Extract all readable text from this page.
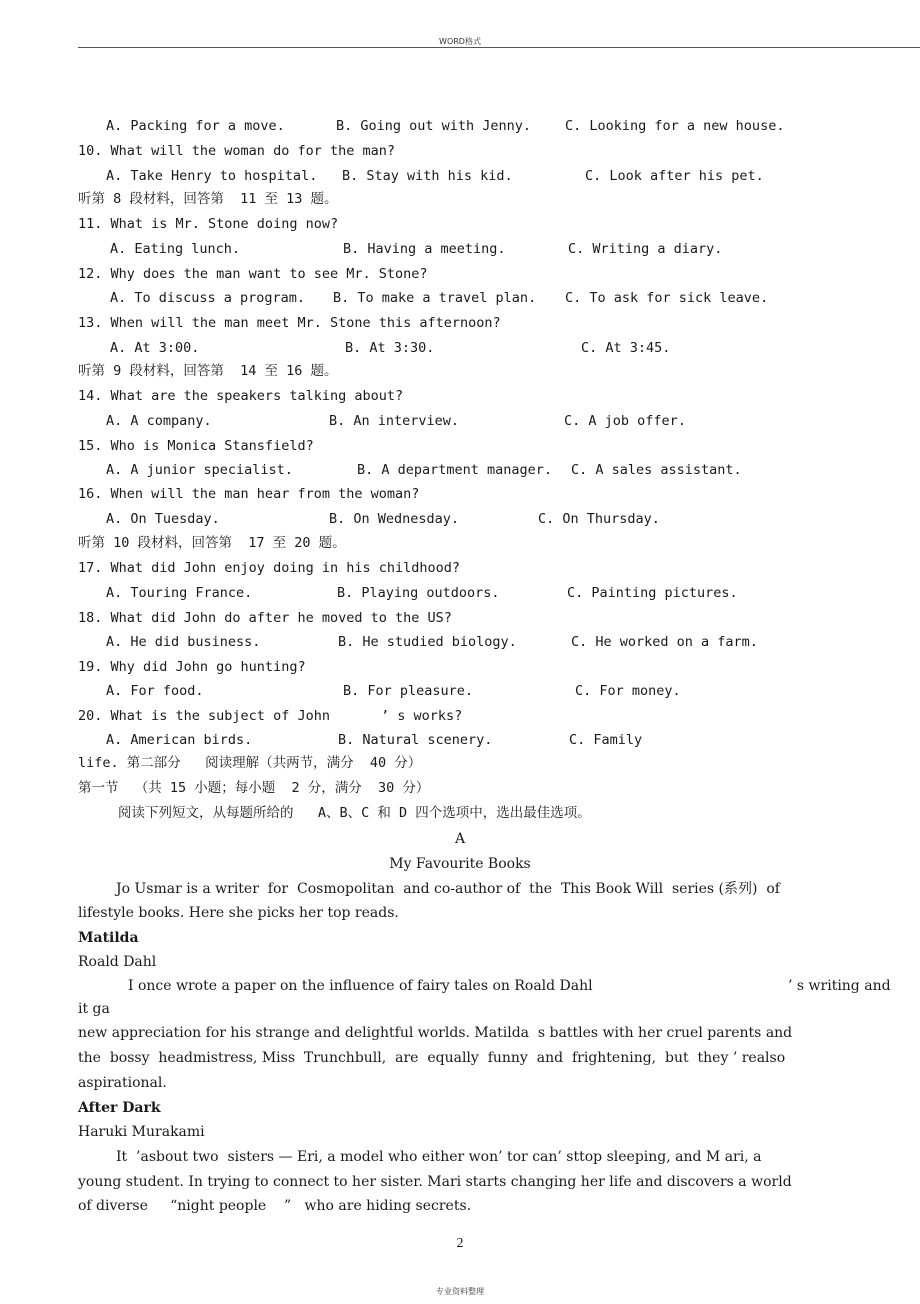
WORD格式
A. Packing for a move.	B. Going out with Jenny.	C. Looking for a new house.
10. What will the woman do for the man?
A. Take Henry to hospital. B. Stay with his kid.	C. Look after his pet.
听第 8 段材料，回答第  11 至 13 题。
11. What is Mr. Stone doing now?
A. Eating lunch.	B. Having a meeting.	C. Writing a diary.
12. Why does the man want to see Mr. Stone?
A. To discuss a program. B. To make a travel plan. C. To ask for sick leave.
13. When will the man meet Mr. Stone this afternoon?
A. At 3:00.	B. At 3:30.	C. At 3:45.
听第 9 段材料，回答第  14 至 16 题。
14. What are the speakers talking about?
A. A company.	B. An interview.	C. A job offer.
15. Who is Monica Stansfield?
A. A junior specialist.	B. A department manager. C. A sales assistant.
16. When will the man hear from the woman?
A. On Tuesday.	B. On Wednesday.	C. On Thursday.
听第 10 段材料，回答第  17 至 20 题。
17. What did John enjoy doing in his childhood?
A. Touring France.	B. Playing outdoors.	C. Painting pictures.
18. What did John do after he moved to the US?
A. He did business.	B. He studied biology.	C. He worked on a farm.
19. Why did John go hunting?
A. For food.	B. For pleasure.	C. For money.
20. What is the subject of John	’ s works?
A. American birds.	B. Natural scenery.	C. Family
life. 第二部分   阅读理解（共两节，满分  40 分）
第一节  （共 15 小题；每小题  2 分，满分  30 分）
阅读下列短文，从每题所给的   A、B、C 和 D 四个选项中，选出最佳选项。
A
My Favourite Books
Jo Usmar is a writer  for  Cosmopolitan  and co-author of  the  This Book Will  series (系列)  of
lifestyle books. Here she picks her top reads.
Matilda
Roald Dahl
I once wrote a paper on the influence of fairy tales on Roald Dahl	’ s writing and
it ga
new appreciation for his strange and delightful worlds. Matilda  s battles with her cruel parents and
the  bossy  headmistress, Miss  Trunchbull,  are  equally  funny  and  frightening,  but  they ’ realso
aspirational.
After Dark
Haruki Murakami
It  ’asbout two  sisters — Eri, a model who either won’ tor can’ sttop sleeping, and M ari, a
young student. In trying to connect to her sister. Mari starts changing her life and discovers a world
of diverse     “night people    ”   who are hiding secrets.
2
专业资料整理
